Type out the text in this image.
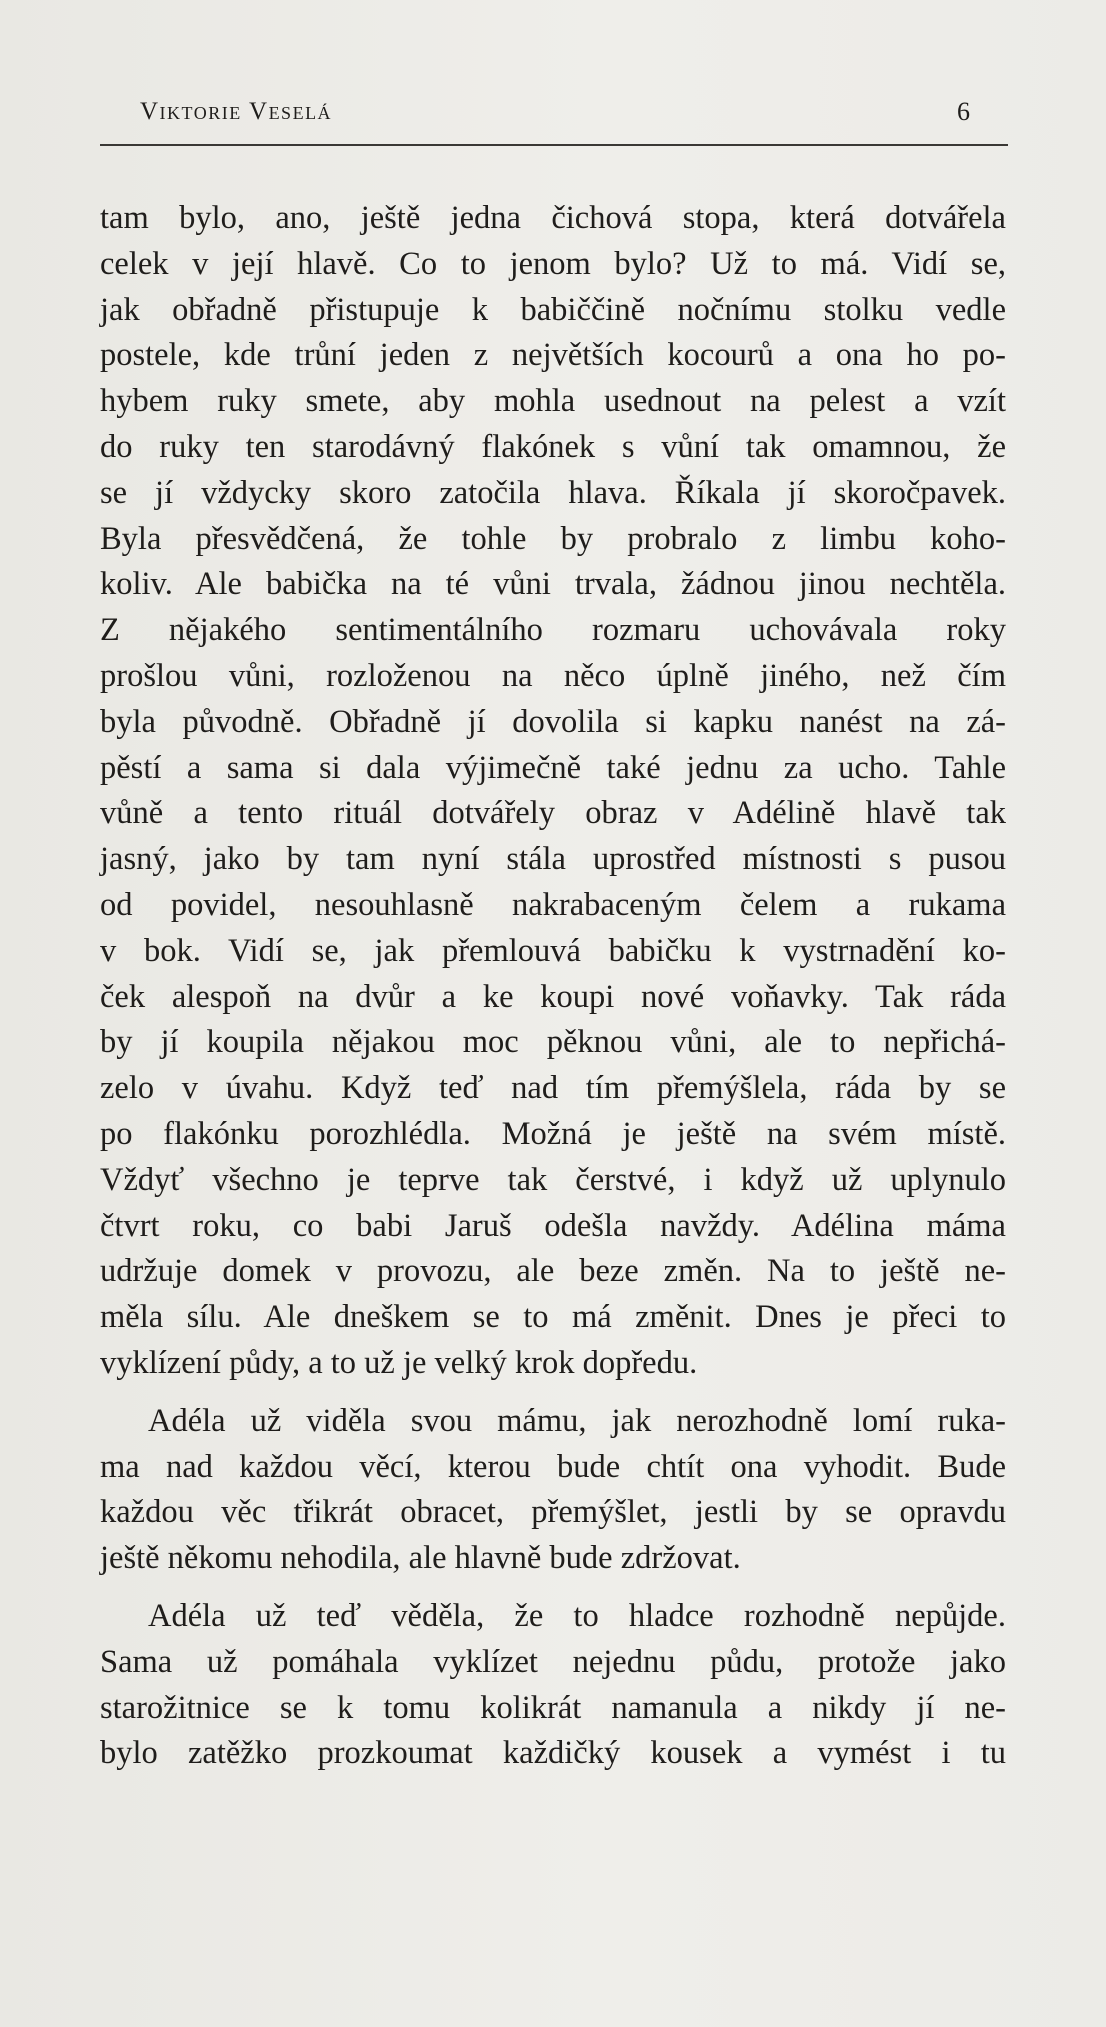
Viktorie Veselá	6
tam bylo, ano, ještě jedna čichová stopa, která dotvářela
celek v její hlavě. Co to jenom bylo? Už to má. Vidí se,
jak obřadně přistupuje k babiččině nočnímu stolku vedle
postele, kde trůní jeden z největších kocourů a ona ho po-
hybem ruky smete, aby mohla usednout na pelest a vzít
do ruky ten starodávný flakónek s vůní tak omamnou, že
se jí vždycky skoro zatočila hlava. Říkala jí skoročpavek.
Byla přesvědčená, že tohle by probralo z limbu koho-
koliv. Ale babička na té vůni trvala, žádnou jinou nechtěla.
Z nějakého sentimentálního rozmaru uchovávala roky
prošlou vůni, rozloženou na něco úplně jiného, než čím
byla původně. Obřadně jí dovolila si kapku nanést na zá-
pěstí a sama si dala výjimečně také jednu za ucho. Tahle
vůně a tento rituál dotvářely obraz v Adélině hlavě tak
jasný, jako by tam nyní stála uprostřed místnosti s pusou
od povidel, nesouhlasně nakrabaceným čelem a rukama
v bok. Vidí se, jak přemlouvá babičku k vystrnadění ko-
ček alespoň na dvůr a ke koupi nové voňavky. Tak ráda
by jí koupila nějakou moc pěknou vůni, ale to nepřichá-
zelo v úvahu. Když teď nad tím přemýšlela, ráda by se
po flakónku porozhlédla. Možná je ještě na svém místě.
Vždyť všechno je teprve tak čerstvé, i když už uplynulo
čtvrt roku, co babi Jaruš odešla navždy. Adélina máma
udržuje domek v provozu, ale beze změn. Na to ještě ne-
měla sílu. Ale dneškem se to má změnit. Dnes je přeci to
vyklízení půdy, a to už je velký krok dopředu.
Adéla už viděla svou mámu, jak nerozhodně lomí ruka-
ma nad každou věcí, kterou bude chtít ona vyhodit. Bude
každou věc třikrát obracet, přemýšlet, jestli by se opravdu
ještě někomu nehodila, ale hlavně bude zdržovat.
Adéla už teď věděla, že to hladce rozhodně nepůjde.
Sama už pomáhala vyklízet nejednu půdu, protože jako
starožitnice se k tomu kolikrát namanula a nikdy jí ne-
bylo zatěžko prozkoumat každičký kousek a vymést i tu
